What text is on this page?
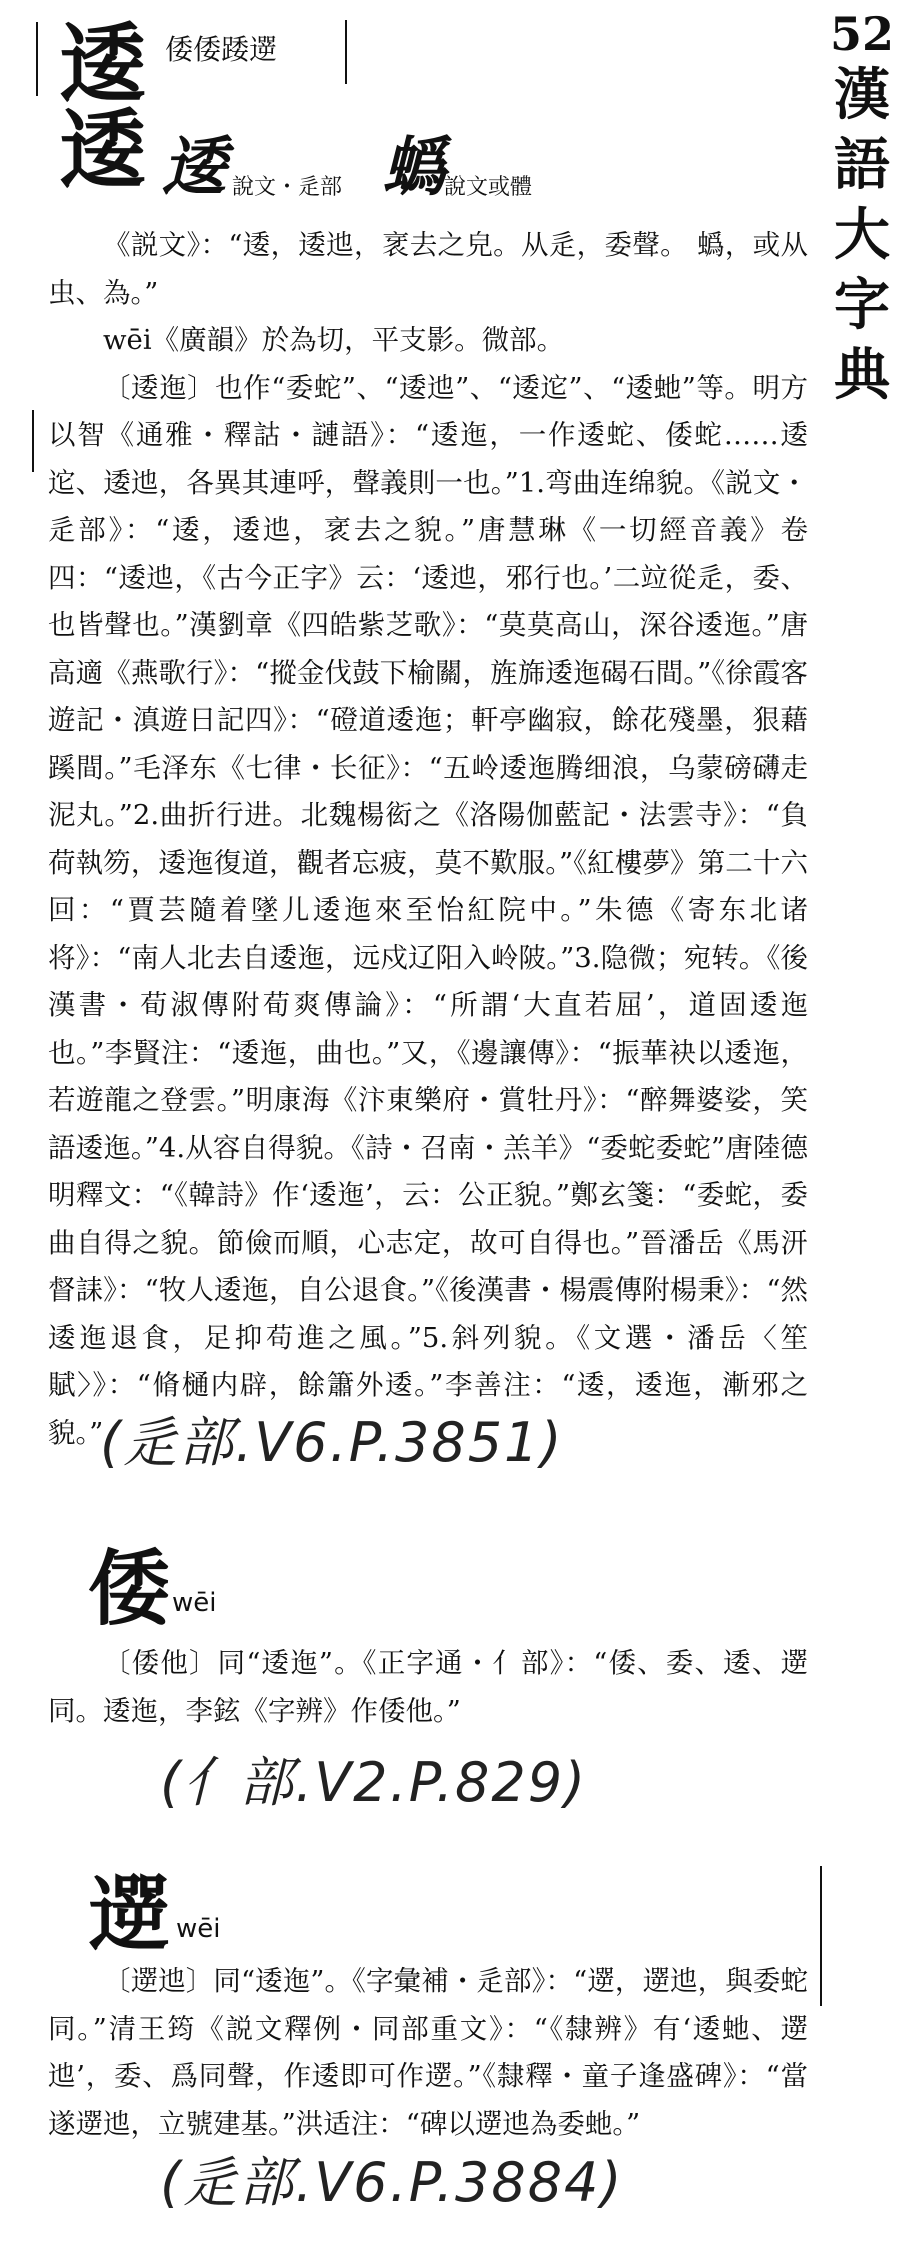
52
漢
語
大
字
典
逶
逶
倭倭踒遻
逶 說文・辵部 蟡
說文或體

《説文》：“逶，逶迆，衺去之皃。从辵，委聲。 蟡，或从虫、為。”

wēi《廣韻》於為切，平支影。微部。

〔逶迤〕也作“委蛇”、“逶迆”、“逶迱”、“逶虵”等。明方以智《通雅・釋詁・謰語》：“逶迤，一作逶蛇、倭蛇……逶迱、逶迆，各異其連呼，聲義則一也。”1.弯曲连绵貌。《説文・辵部》：“逶，逶迆，衺去之貌。”唐慧琳《一切經音義》卷四：“逶迆，《古今正字》云：‘逶迆，邪行也。’二竝從辵，委、也皆聲也。”漢劉章《四皓紫芝歌》：“莫莫高山，深谷逶迤。”唐高適《燕歌行》：“摐金伐鼓下榆關，旌旆逶迤碣石間。”《徐霞客遊記・滇遊日記四》：“磴道逶迤；軒亭幽寂，餘花殘墨，狠藉蹊間。”毛泽东《七律・长征》：“五岭逶迤腾细浪，乌蒙磅礴走泥丸。”2.曲折行进。北魏楊衒之《洛陽伽藍記・法雲寺》：“負荷執笏，逶迤復道，觀者忘疲，莫不歎服。”《紅樓夢》第二十六回：“賈芸隨着墜儿逶迤來至怡紅院中。”朱德《寄东北诸将》：“南人北去自逶迤，远戍辽阳入岭陂。”3.隐微；宛转。《後漢書・荀淑傳附荀爽傳論》：“所謂‘大直若屈’，道固逶迤也。”李賢注：“逶迤，曲也。”又，《邊讓傳》：“振華袂以逶迤，若遊龍之登雲。”明康海《汴東樂府・賞牡丹》：“醉舞婆娑，笑語逶迤。”4.从容自得貌。《詩・召南・羔羊》“委蛇委蛇”唐陸德明釋文：“《韓詩》作‘逶迤’，云：公正貌。”鄭玄箋：“委蛇，委曲自得之貌。節儉而順，心志定，故可自得也。”晉潘岳《馬汧督誄》：“牧人逶迤，自公退食。”《後漢書・楊震傳附楊秉》：“然逶迤退食，足抑苟進之風。”5.斜列貌。《文選・潘岳〈笙賦〉》：“脩樋内辟，餘簫外逶。”李善注：“逶，逶迤，漸邪之貌。”

(辵部.V6.P.3851)
倭 wēi

〔倭他〕同“逶迤”。《正字通・亻部》：“倭、委、逶、遻同。逶迤，李鉉《字辨》作倭他。”

(亻部.V2.P.829)
遻 wēi

〔遻迆〕同“逶迤”。《字彙補・辵部》：“遻，遻迆，與委蛇同。”清王筠《説文釋例・同部重文》：“《隸辨》有‘逶虵、遻迆’，委、爲同聲，作逶即可作遻。”《隸釋・童子逢盛碑》：“當遂遻迆，立號建基。”洪适注：“碑以遻迆為委虵。”

(辵部.V6.P.3884)
